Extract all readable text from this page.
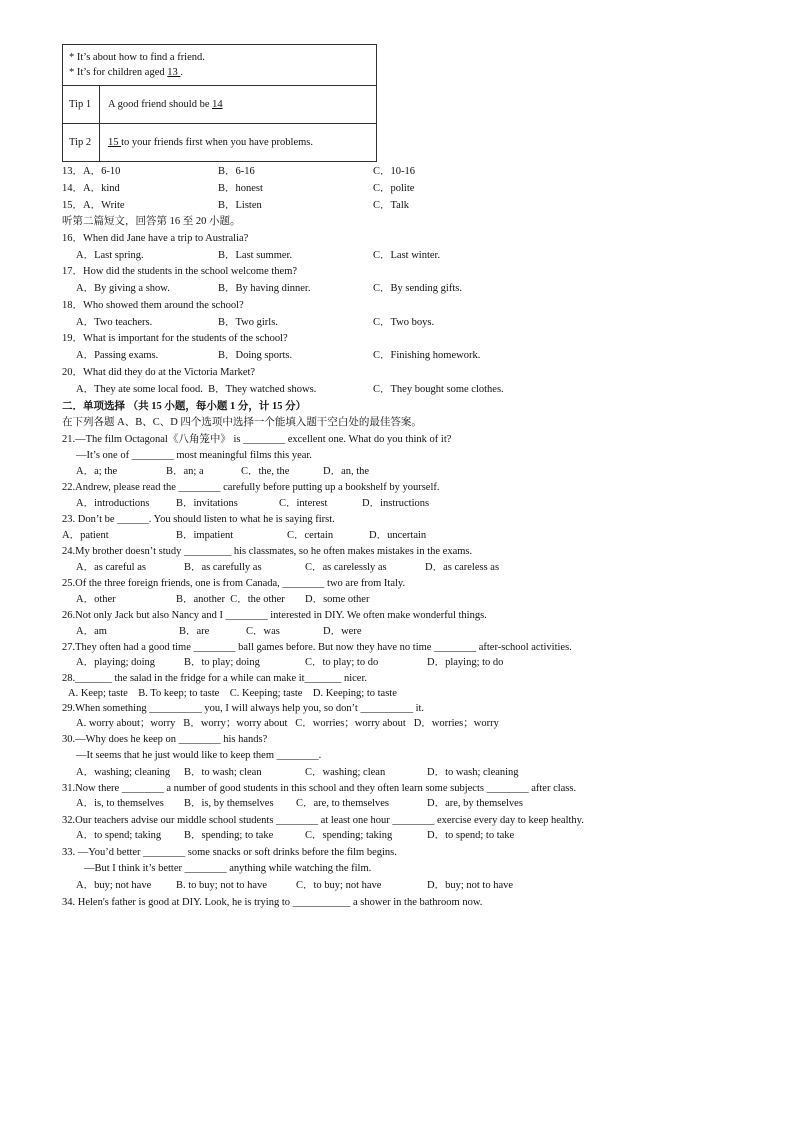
* It’s about how to find a friend.
* It’s for children aged 13 .	

Tip 1	A good friend should be 14
Tip 2	15 to your friends first when you have problems.
13．A．6-10	B．6-16	C．10-16
14．A．kind	B．honest	C．polite
15．A．Write	B．Listen	C．Talk
听第二篇短文，回答第 16 至 20 小题。
16．When did Jane have a trip to Australia?
A．Last spring.	B．Last summer.	C．Last winter.
17．How did the students in the school welcome them?
A．By giving a show.	B．By having dinner.	C．By sending gifts.
18．Who showed them around the school?
A．Two teachers.	B．Two girls.	C．Two boys.
19．What is important for the students of the school?
A．Passing exams.	B．Doing sports.	C．Finishing homework.
20．What did they do at the Victoria Market?
A．They ate some local food.  B．They watched shows.	C．They bought some clothes.
二．单项选择 （共 15 小题，每小题 1 分，计 15 分）
在下列各题 A、B、C、D 四个选项中选择一个能填入题干空白处的最佳答案。
21.—The film Octagonal《八角笼中》 is ________ excellent one. What do you think of it?
—It’s one of ________ most meaningful films this year.
A．a; the	B．an; a	C．the, the	D．an, the
22.Andrew, please read the ________ carefully before putting up a bookshelf by yourself.
A．introductions	B．invitations	C．interest	D．instructions
23. Don’t be ______. You should listen to what he is saying first.
A．patient	B．impatient	C．certain	D．uncertain
24.My brother doesn’t study _________ his classmates, so he often makes mistakes in the exams.
A．as careful as	B．as carefully as	C．as carelessly as	D．as careless as
25.Of the three foreign friends, one is from Canada, ________ two are from Italy.
A．other	B．another  C．the other D．some other
26.Not only Jack but also Nancy and I ________ interested in DIY. We often make wonderful things.
A．am	B．are	C．was	D．were
27.They often had a good time ________ ball games before. But now they have no time ________ after-school activities.
A．playing; doing	B．to play; doing	C．to play; to do	D．playing; to do
28._______ the salad in the fridge for a while can make it_______ nicer.
A. Keep; taste    B. To keep; to taste    C. Keeping; taste    D. Keeping; to taste
29.When something __________ you, I will always help you, so don’t __________ it.
A. worry about；worry   B．worry；worry about   C．worries；worry about   D．worries；worry
30.—Why does he keep on ________ his hands?
—It seems that he just would like to keep them ________.
A．washing; cleaning B．to wash; clean	C．washing; clean	D．to wash; cleaning
31.Now there ________ a number of good students in this school and they often learn some subjects ________ after class.
A．is, to themselves B．is, by themselves C．are, to themselves	D．are, by themselves
32.Our teachers advise our middle school students ________ at least one hour ________ exercise every day to keep healthy.
A．to spend; taking B．spending; to take	C．spending; taking	D．to spend; to take
33. —You’d better ________ some snacks or soft drinks before the film begins.
—But I think it’s better ________ anything while watching the film.
A．buy; not have B. to buy; not to have	C．to buy; not have	D．buy; not to have
34. Helen's father is good at DIY. Look, he is trying to ___________ a shower in the bathroom now.
